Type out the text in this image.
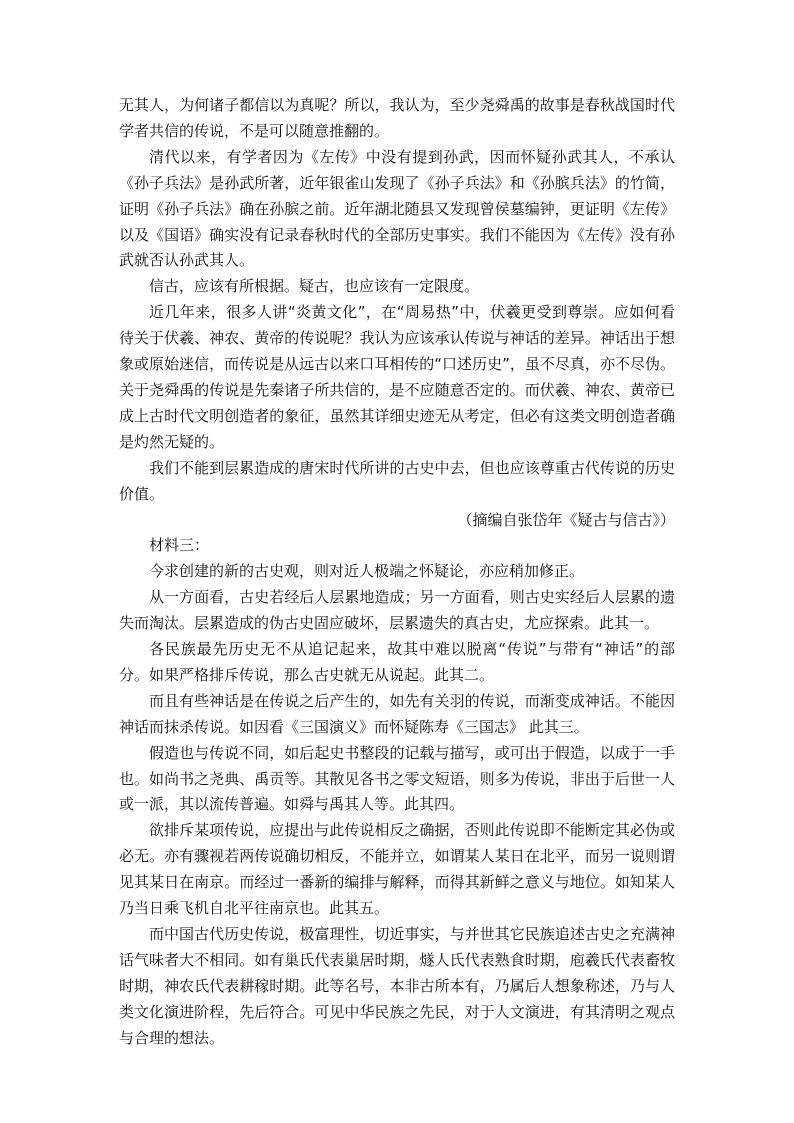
无其人，为何诸子都信以为真呢？所以，我认为，至少尧舜禹的故事是春秋战国时代学者共信的传说，不是可以随意推翻的。

清代以来，有学者因为《左传》中没有提到孙武，因而怀疑孙武其人，不承认《孙子兵法》是孙武所著，近年银雀山发现了《孙子兵法》和《孙膑兵法》的竹简，证明《孙子兵法》确在孙膑之前。近年湖北随县又发现曾侯墓编钟，更证明《左传》以及《国语》确实没有记录春秋时代的全部历史事实。我们不能因为《左传》没有孙武就否认孙武其人。

信古，应该有所根据。疑古，也应该有一定限度。

近几年来，很多人讲“炎黄文化”，在“周易热”中，伏羲更受到尊崇。应如何看待关于伏羲、神农、黄帝的传说呢？我认为应该承认传说与神话的差异。神话出于想象或原始迷信，而传说是从远古以来口耳相传的“口述历史”，虽不尽真，亦不尽伪。关于尧舜禹的传说是先秦诸子所共信的，是不应随意否定的。而伏羲、神农、黄帝已成上古时代文明创造者的象征，虽然其详细史迹无从考定，但必有这类文明创造者确是灼然无疑的。

我们不能到层累造成的唐宋时代所讲的古史中去，但也应该尊重古代传说的历史价值。

（摘编自张岱年《疑古与信古》）

材料三：

今求创建的新的古史观，则对近人极端之怀疑论，亦应稍加修正。

从一方面看，古史若经后人层累地造成；另一方面看，则古史实经后人层累的遗失而淘汰。层累造成的伪古史固应破坏，层累遗失的真古史，尤应探索。此其一。

各民族最先历史无不从追记起来，故其中难以脱离“传说”与带有“神话”的部分。如果严格排斥传说，那么古史就无从说起。此其二。

而且有些神话是在传说之后产生的，如先有关羽的传说，而渐变成神话。不能因神话而抹杀传说。如因看《三国演义》而怀疑陈寿《三国志》 此其三。

假造也与传说不同，如后起史书整段的记载与描写，或可出于假造，以成于一手也。如尚书之尧典、禹贡等。其散见各书之零文短语，则多为传说，非出于后世一人或一派，其以流传普遍。如舜与禹其人等。此其四。

欲排斥某项传说，应提出与此传说相反之确据，否则此传说即不能断定其必伪或必无。亦有骤视若两传说确切相反，不能并立，如谓某人某日在北平，而另一说则谓见其某日在南京。而经过一番新的编排与解释，而得其新鲜之意义与地位。如知某人乃当日乘飞机自北平往南京也。此其五。

而中国古代历史传说，极富理性，切近事实，与并世其它民族追述古史之充满神话气味者大不相同。如有巢氏代表巢居时期，燧人氏代表熟食时期，庖羲氏代表畜牧时期，神农氏代表耕稼时期。此等名号，本非古所本有，乃属后人想象称述，乃与人类文化演进阶程，先后符合。可见中华民族之先民，对于人文演进，有其清明之观点与合理的想法。
